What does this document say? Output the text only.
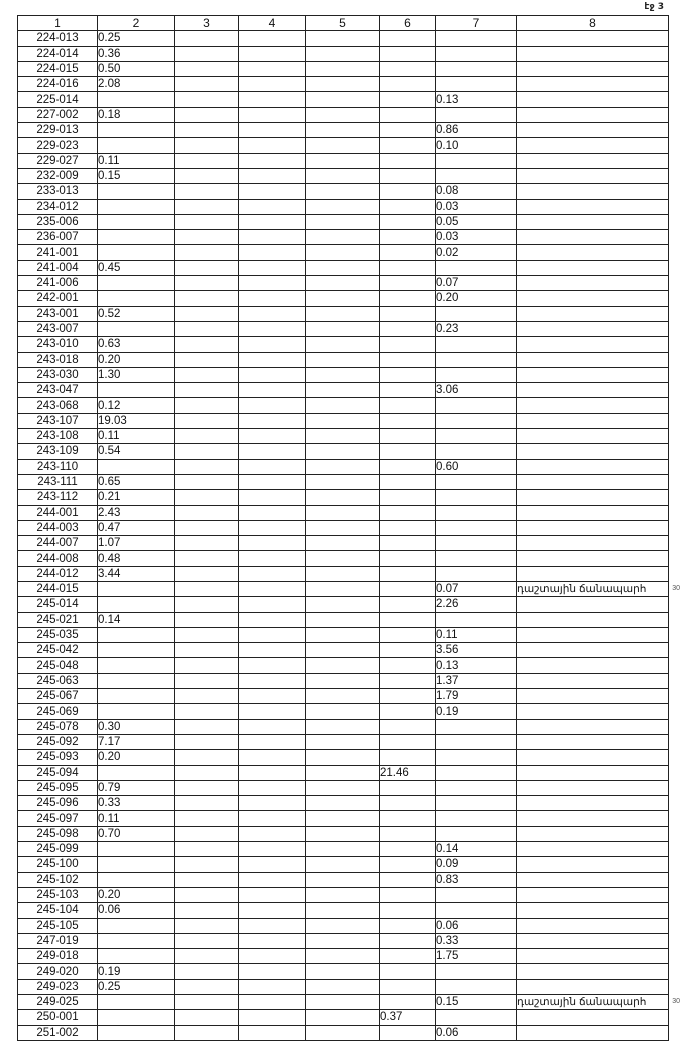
էջ 3
1	2	3	4	5	6	7	8
224-013	0.25						
224-014	0.36						
224-015	0.50						
224-016	2.08						
225-014						0.13	
227-002	0.18						
229-013						0.86	
229-023						0.10	
229-027	0.11						
232-009	0.15						
233-013						0.08	
234-012						0.03	
235-006						0.05	
236-007						0.03	
241-001						0.02	
241-004	0.45						
241-006						0.07	
242-001						0.20	
243-001	0.52						
243-007						0.23	
243-010	0.63						
243-018	0.20						
243-030	1.30						
243-047						3.06	
243-068	0.12						
243-107	19.03						
243-108	0.11						
243-109	0.54						
243-110						0.60	
243-111	0.65						
243-112	0.21						
244-001	2.43						
244-003	0.47						
244-007	1.07						
244-008	0.48						
244-012	3.44						
244-015						0.07	դաշտային ճանապարհ 30

245-014						2.26	
245-021	0.14						
245-035						0.11	
245-042						3.56	
245-048						0.13	
245-063						1.37	
245-067						1.79	
245-069						0.19	
245-078	0.30						
245-092	7.17						
245-093	0.20						
245-094					21.46		
245-095	0.79						
245-096	0.33						
245-097	0.11						
245-098	0.70						
245-099						0.14	
245-100						0.09	
245-102						0.83	
245-103	0.20						
245-104	0.06						
245-105						0.06	
247-019						0.33	
249-018						1.75	
249-020	0.19						
249-023	0.25						
249-025						0.15	դաշտային ճանապարհ 30

250-001					0.37		
251-002						0.06	
